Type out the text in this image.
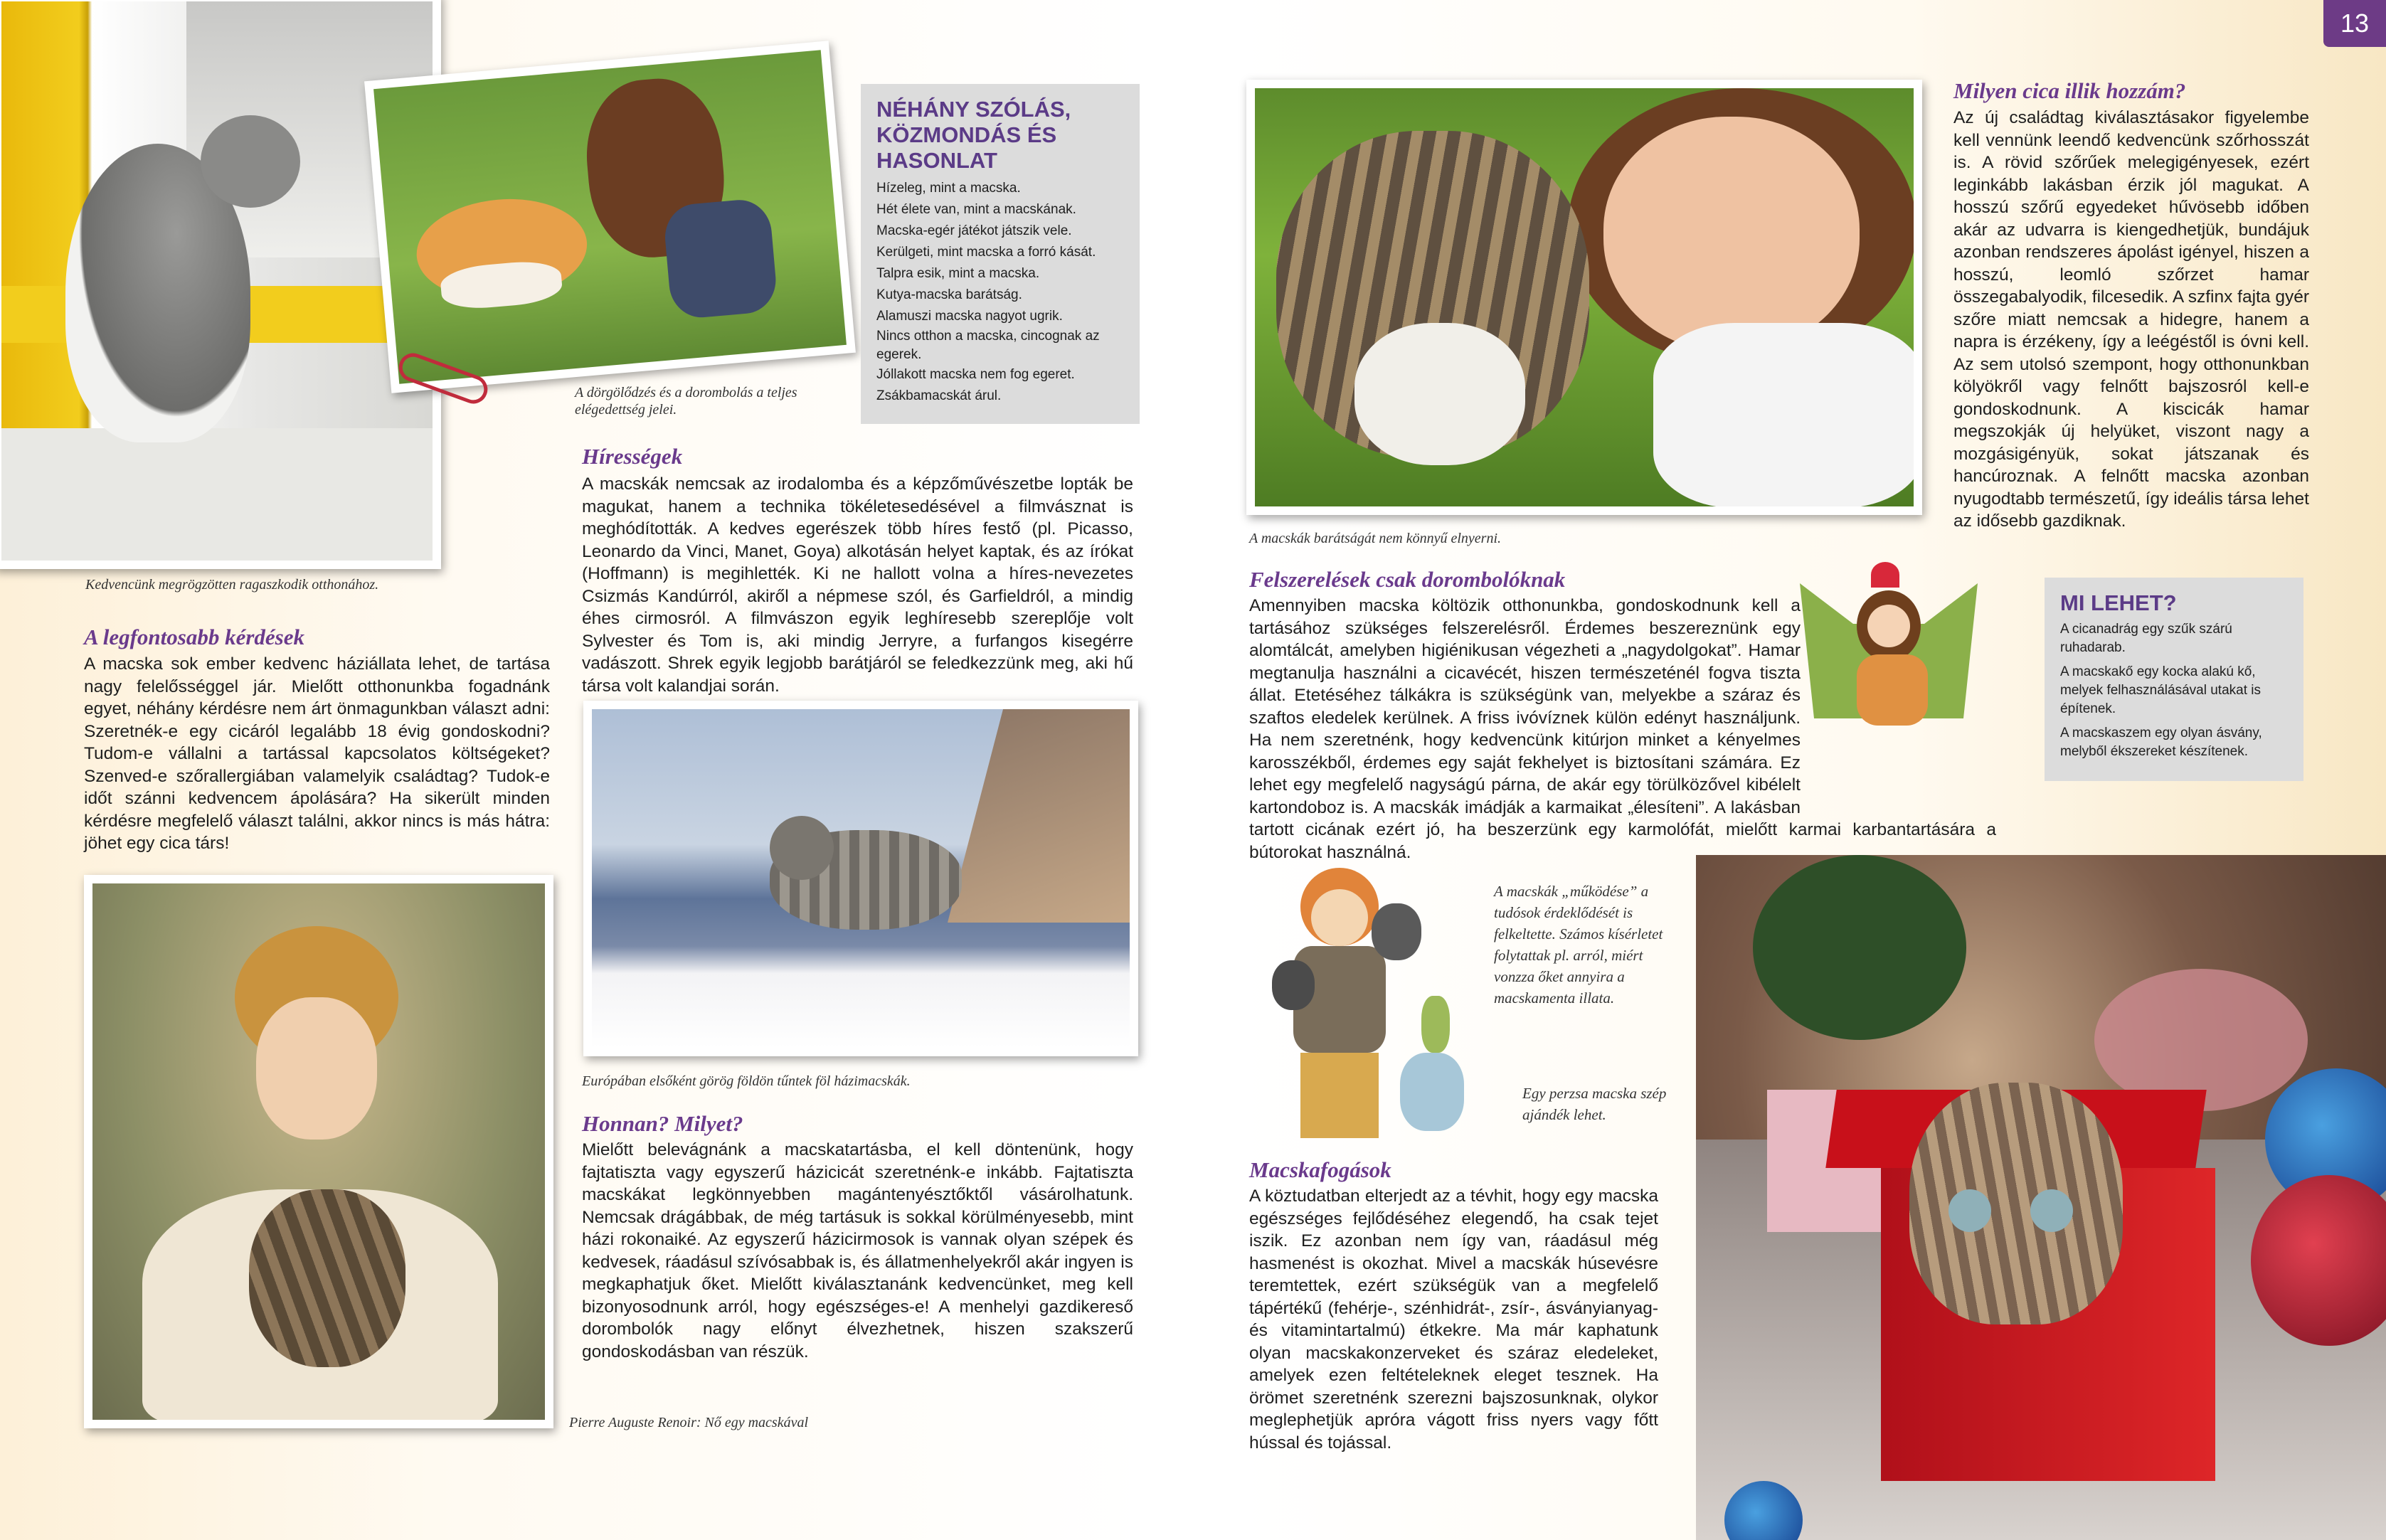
Kedvencünk megrögzötten ragaszkodik otthonához.
A dörgölődzés és a dorombolás a teljes elégedettség jelei.
NÉHÁNY SZÓLÁS, KÖZMONDÁS ÉS HASONLAT
Hízeleg, mint a macska.
Hét élete van, mint a macskának.
Macska-egér játékot játszik vele.
Kerülgeti, mint macska a forró kását.
Talpra esik, mint a macska.
Kutya-macska barátság.
Alamuszi macska nagyot ugrik.
Nincs otthon a macska, cincognak az egerek.
Jóllakott macska nem fog egeret.
Zsákbamacskát árul.
Hírességek
A macskák nemcsak az irodalomba és a képzőművészetbe lopták be magukat, hanem a technika tökéletesedésével a filmvásznat is meghódították. A kedves egerészek több híres festő (pl. Picasso, Leonardo da Vinci, Manet, Goya) alkotásán helyet kaptak, és az írókat (Hoffmann) is megihlették. Ki ne hallott volna a híres-nevezetes Csizmás Kandúrról, akiről a népmese szól, és Garfieldról, a mindig éhes cirmosról. A filmvászon egyik leghíresebb szereplője volt Sylvester és Tom is, aki mindig Jerryre, a furfangos kisegérre vadászott. Shrek egyik legjobb barátjáról se feledkezzünk meg, aki hű társa volt kalandjai során.
A legfontosabb kérdések
A macska sok ember kedvenc háziállata lehet, de tartása nagy felelősséggel jár. Mielőtt otthonunkba fogadnánk egyet, néhány kérdésre nem árt önmagunkban választ adni: Szeretnék-e egy cicáról legalább 18 évig gondoskodni? Tudom-e vállalni a tartással kapcsolatos költségeket? Szenved-e szőrallergiában valamelyik családtag? Tudok-e időt szánni kedvencem ápolására? Ha sikerült minden kérdésre megfelelő választ találni, akkor nincs is más hátra: jöhet egy cica társ!
Európában elsőként görög földön tűntek föl házimacskák.
Honnan? Milyet?
Mielőtt belevágnánk a macskatartásba, el kell döntenünk, hogy fajtatiszta vagy egyszerű házicicát szeretnénk-e inkább. Fajtatiszta macskákat legkönnyebben magántenyésztőktől vásárolhatunk. Nemcsak drágábbak, de még tartásuk is sokkal körülményesebb, mint házi rokonaiké. Az egyszerű házicirmosok is vannak olyan szépek és kedvesek, ráadásul szívósabbak is, és állatmenhelyekről akár ingyen is megkaphatjuk őket. Mielőtt kiválasztanánk kedvencünket, meg kell bizonyosodnunk arról, hogy egészséges-e! A menhelyi gazdikereső dorombolók nagy előnyt élvezhetnek, hiszen szakszerű gondoskodásban van részük.
Pierre Auguste Renoir: Nő egy macskával
13
A macskák barátságát nem könnyű elnyerni.
Milyen cica illik hozzám?
Az új családtag kiválasztásakor figyelembe kell vennünk leendő kedvencünk szőrhosszát is. A rövid szőrűek melegigényesek, ezért leginkább lakásban érzik jól magukat. A hosszú szőrű egyedeket hűvösebb időben akár az udvarra is kiengedhetjük, bundájuk azonban rendszeres ápolást igényel, hiszen a hosszú, leomló szőrzet hamar összegabalyodik, filcesedik. A szfinx fajta gyér szőre miatt nemcsak a hidegre, hanem a napra is érzékeny, így a leégéstől is óvni kell. Az sem utolsó szempont, hogy otthonunkban kölyökről vagy felnőtt bajszosról kell-e gondoskodnunk. A kiscicák hamar megszokják új helyüket, viszont nagy a mozgásigényük, sokat játszanak és hancúroznak. A felnőtt macska azonban nyugodtabb természetű, így ideális társa lehet az idősebb gazdiknak.
Felszerelések csak dorombolóknak
Amennyiben macska költözik otthonunkba, gondoskodnunk kell a tartásához szükséges felszerelésről. Érdemes beszereznünk egy alomtálcát, amelyben higiénikusan végezheti a „nagydolgokat”. Hamar megtanulja használni a cicavécét, hiszen természeténél fogva tiszta állat. Etetéséhez tálkákra is szükségünk van, melyekbe a száraz és szaftos eledelek kerülnek. A friss ivóvíznek külön edényt használjunk. Ha nem szeretnénk, hogy kedvencünk kitúrjon minket a kényelmes karosszékből, érdemes egy saját fekhelyet is biztosítani számára. Ez lehet egy megfelelő nagyságú párna, de akár egy törülközővel kibélelt kartondoboz is. A macskák imádják a karmaikat „élesíteni”. A lakásban tartott cicának ezért jó, ha beszerzünk egy karmolófát, mielőtt karmai karbantartására a bútorokat használná.
MI LEHET?
A cicanadrág egy szűk szárú ruhadarab.
A macskakő egy kocka alakú kő, melyek felhasználásával utakat is építenek.
A macskaszem egy olyan ásvány, melyből ékszereket készítenek.
A macskák „működése” a tudósok érdeklődését is felkeltette. Számos kísérletet folytattak pl. arról, miért vonzza őket annyira a macskamenta illata.
Egy perzsa macska szép ajándék lehet.
Macskafogások
A köztudatban elterjedt az a tévhit, hogy egy macska egészséges fejlődéséhez elegendő, ha csak tejet iszik. Ez azonban nem így van, ráadásul még hasmenést is okozhat. Mivel a macskák húsevésre teremtettek, ezért szükségük van a megfelelő tápértékű (fehérje-, szénhidrát-, zsír-, ásványianyag- és vitamintartalmú) étkekre. Ma már kaphatunk olyan macskakonzerveket és száraz eledeleket, amelyek ezen feltételeknek eleget tesznek. Ha örömet szeretnénk szerezni bajszosunknak, olykor meglephetjük apróra vágott friss nyers vagy főtt hússal és tojással.
